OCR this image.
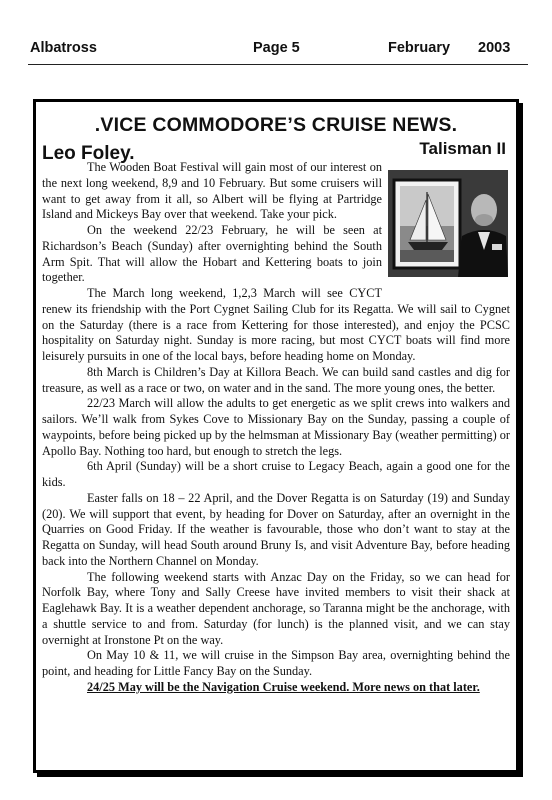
Albatross	Page 5	February 2003
.VICE COMMODORE’S CRUISE NEWS.
Leo Foley.	Talisman II

The Wooden Boat Festival will gain most of our interest on the next long weekend, 8,9 and 10 February. But some cruisers will want to get away from it all, so Albert will be flying at Partridge Island and Mickeys Bay over that weekend. Take your pick.

On the weekend 22/23 February, he will be seen at Richardson’s Beach (Sunday) after overnighting behind the South Arm Spit. That will allow the Hobart and Kettering boats to join together.

The March long weekend, 1,2,3 March will see CYCT renew its friendship with the Port Cygnet Sailing Club for its Regatta. We will sail to Cygnet on the Saturday (there is a race from Kettering for those interested), and enjoy the PCSC hospitality on Saturday night. Sunday is more racing, but most CYCT boats will find more leisurely pursuits in one of the local bays, before heading home on Monday.

8th March is Children’s Day at Killora Beach. We can build sand castles and dig for treasure, as well as a race or two, on water and in the sand. The more young ones, the better.

22/23 March will allow the adults to get energetic as we split crews into walkers and sailors. We’ll walk from Sykes Cove to Missionary Bay on the Sunday, passing a couple of waypoints, before being picked up by the helmsman at Missionary Bay (weather permitting) or Apollo Bay. Nothing too hard, but enough to stretch the legs.

6th April (Sunday) will be a short cruise to Legacy Beach, again a good one for the kids.

Easter falls on 18 – 22 April, and the Dover Regatta is on Saturday (19) and Sunday (20). We will support that event, by heading for Dover on Saturday, after an overnight in the Quarries on Good Friday. If the weather is favourable, those who don’t want to stay at the Regatta on Sunday, will head South around Bruny Is, and visit Adventure Bay, before heading back into the Northern Channel on Monday.

The following weekend starts with Anzac Day on the Friday, so we can head for Norfolk Bay, where Tony and Sally Creese have invited members to visit their shack at Eaglehawk Bay. It is a weather dependent anchorage, so Taranna might be the anchorage, with a shuttle service to and from. Saturday (for lunch) is the planned visit, and we can stay overnight at Ironstone Pt on the way.

On May 10 & 11, we will cruise in the Simpson Bay area, overnighting behind the point, and heading for Little Fancy Bay on the Sunday.

24/25 May will be the Navigation Cruise weekend. More news on that later.
